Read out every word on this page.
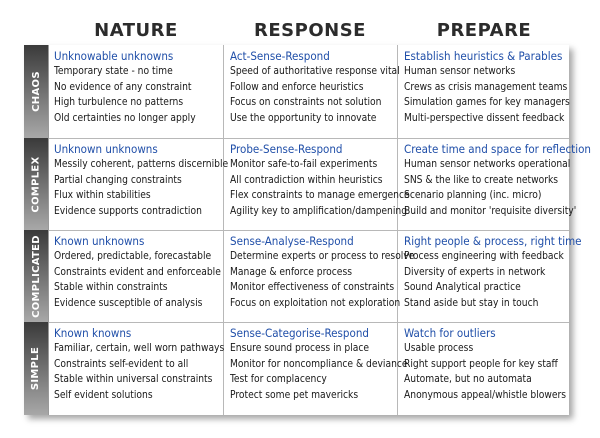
NATURE	RESPONSE	PREPARE
CHAOS
Unknowable unknowns
Temporary state - no time
No evidence of any constraint
High turbulence no patterns
Old certainties no longer apply
Act-Sense-Respond
Speed of authoritative response vital
Follow and enforce heuristics
Focus on constraints not solution
Use the opportunity to innovate
Establish heuristics & Parables
Human sensor networks
Crews as crisis management teams
Simulation games for key managers
Multi-perspective dissent feedback
COMPLEX
Unknown unknowns
Messily coherent, patterns discernible
Partial changing constraints
Flux within stabilities
Evidence supports contradiction
Probe-Sense-Respond
Monitor safe-to-fail experiments
All contradiction within heuristics
Flex constraints to manage emergence
Agility key to amplification/dampening
Create time and space for reflection
Human sensor networks operational
SNS & the like to create networks
Scenario planning (inc. micro)
Build and monitor 'requisite diversity'
COMPLICATED Known unknowns
Ordered, predictable, forecastable
Constraints evident and enforceable
Stable within constraints
Evidence susceptible of analysis
Sense-Analyse-Respond
Determine experts or process to resolve
Manage & enforce process
Monitor effectiveness of constraints
Focus on exploitation not exploration
Right people & process, right time
Process engineering with feedback
Diversity of experts in network
Sound Analytical practice
Stand aside but stay in touch
SIMPLE
Known knowns
Familiar, certain, well worn pathways
Constraints self-evident to all
Stable within universal constraints
Self evident solutions
Sense-Categorise-Respond
Ensure sound process in place
Monitor for noncompliance & deviance
Test for complacency
Protect some pet mavericks
Watch for outliers
Usable process
Right support people for key staff
Automate, but no automata
Anonymous appeal/whistle blowers
